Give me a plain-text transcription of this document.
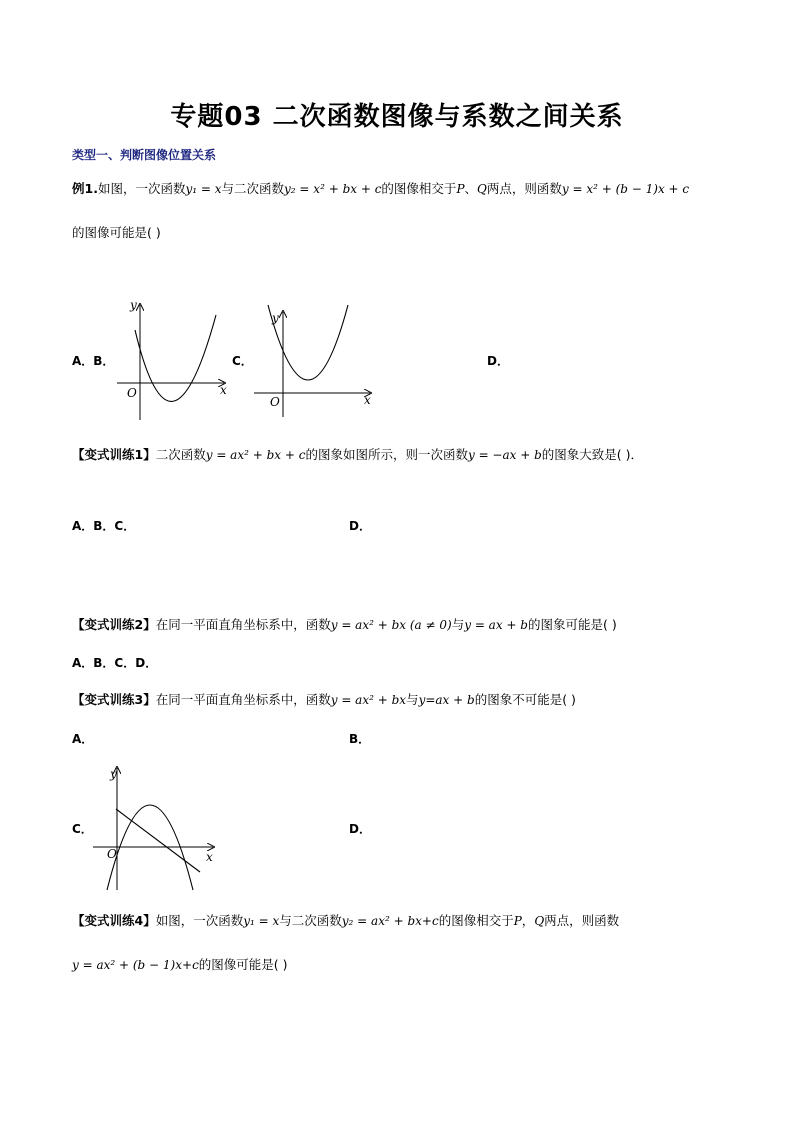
专题03 二次函数图像与系数之间关系
类型一、判断图像位置关系
例1.如图，一次函数y₁ = x与二次函数y₂ = x² + bx + c的图像相交于P、Q两点，则函数y = x² + (b − 1)x + c
的图像可能是( )
A．B．
y
x
O
C．
y
x
O
D．
【变式训练1】二次函数y = ax² + bx + c的图象如图所示，则一次函数y = −ax + b的图象大致是( )．
A．B．C．	D．
【变式训练2】在同一平面直角坐标系中，函数y = ax² + bx (a ≠ 0)与y = ax + b的图象可能是( )
A．B．C．D．
【变式训练3】在同一平面直角坐标系中，函数y = ax² + bx与y=ax + b的图象不可能是( )
A．	B．
C．
y
x
O
D．
【变式训练4】如图，一次函数y₁ = x与二次函数y₂ = ax² + bx+c的图像相交于P，Q两点，则函数
y = ax² + (b − 1)x+c的图像可能是( )
